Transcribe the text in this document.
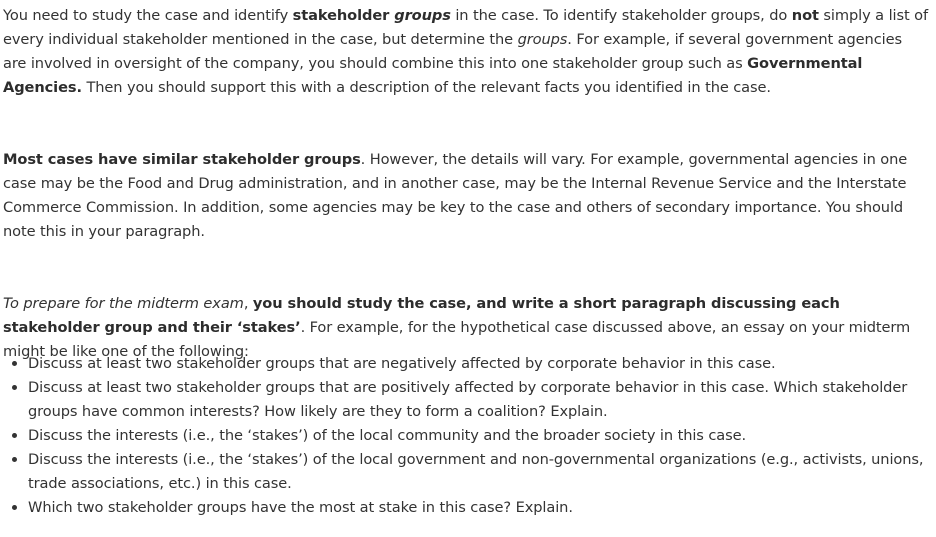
You need to study the case and identify stakeholder groups in the case. To identify stakeholder groups, do not simply a list of every individual stakeholder mentioned in the case, but determine the groups. For example, if several government agencies are involved in oversight of the company, you should combine this into one stakeholder group such as Governmental Agencies. Then you should support this with a description of the relevant facts you identified in the case.

Most cases have similar stakeholder groups. However, the details will vary. For example, governmental agencies in one case may be the Food and Drug administration, and in another case, may be the Internal Revenue Service and the Interstate Commerce Commission. In addition, some agencies may be key to the case and others of secondary importance. You should note this in your paragraph.

To prepare for the midterm exam, you should study the case, and write a short paragraph discussing each stakeholder group and their ‘stakes’. For example, for the hypothetical case discussed above, an essay on your midterm might be like one of the following:

Discuss at least two stakeholder groups that are negatively affected by corporate behavior in this case.
Discuss at least two stakeholder groups that are positively affected by corporate behavior in this case. Which stakeholder groups have common interests? How likely are they to form a coalition? Explain.
Discuss the interests (i.e., the ‘stakes’) of the local community and the broader society in this case.
Discuss the interests (i.e., the ‘stakes’) of the local government and non-governmental organizations (e.g., activists, unions, trade associations, etc.) in this case.
Which two stakeholder groups have the most at stake in this case? Explain.
